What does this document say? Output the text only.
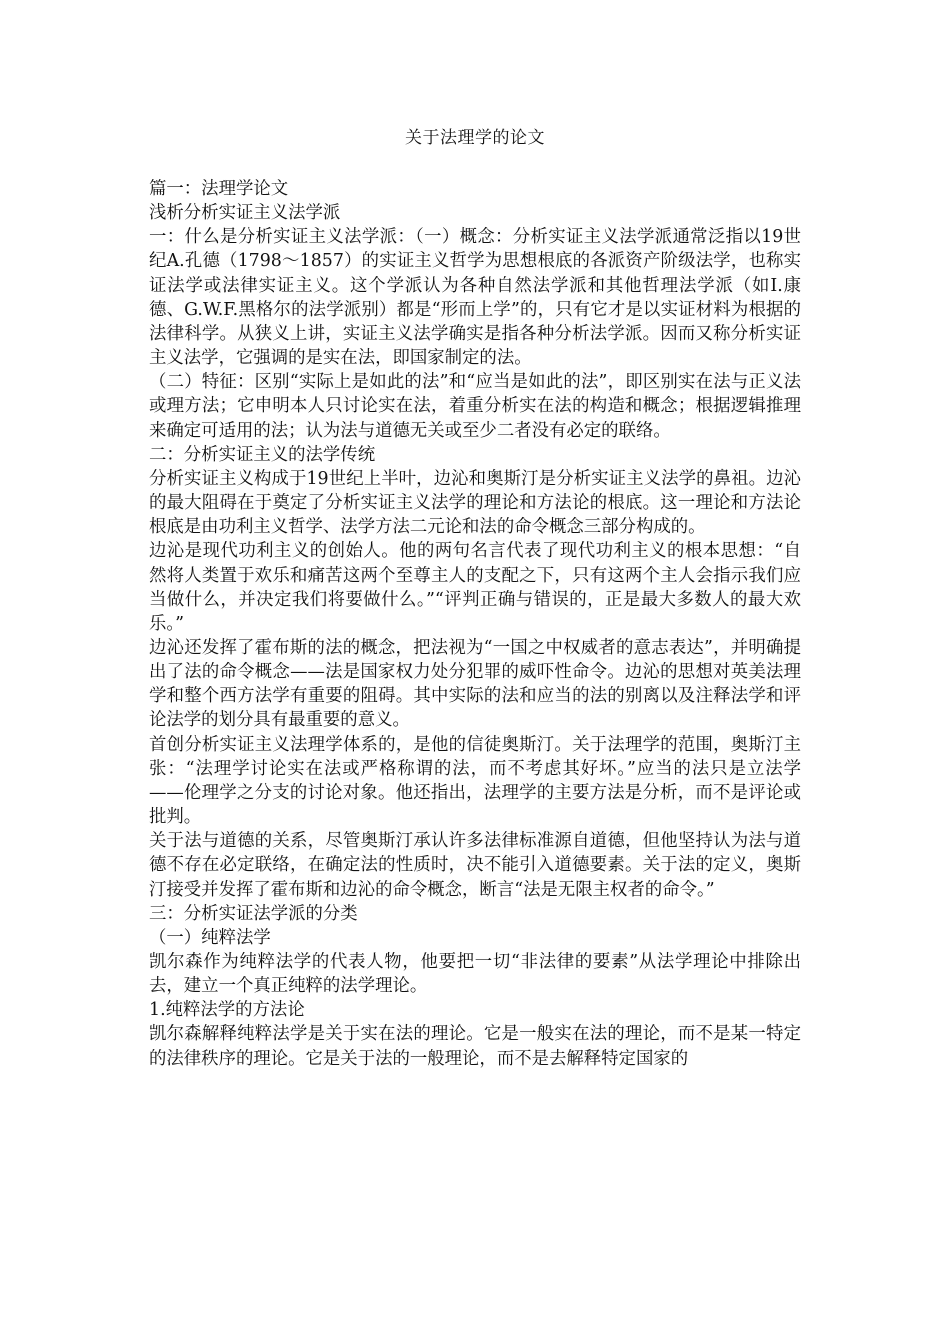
关于法理学的论文

篇一：法理学论文

浅析分析实证主义法学派

一：什么是分析实证主义法学派：（一）概念：分析实证主义法学派通常泛指以19世纪A.孔德（1798～1857）的实证主义哲学为思想根底的各派资产阶级法学，也称实证法学或法律实证主义。这个学派认为各种自然法学派和其他哲理法学派（如I.康德、G.W.F.黑格尔的法学派别）都是“形而上学”的，只有它才是以实证材料为根据的法律科学。从狭义上讲，实证主义法学确实是指各种分析法学派。因而又称分析实证主义法学，它强调的是实在法，即国家制定的法。

（二）特征：区别“实际上是如此的法”和“应当是如此的法”，即区别实在法与正义法或理方法；它申明本人只讨论实在法，着重分析实在法的构造和概念；根据逻辑推理来确定可适用的法；认为法与道德无关或至少二者没有必定的联络。

二：分析实证主义的法学传统

分析实证主义构成于19世纪上半叶，边沁和奥斯汀是分析实证主义法学的鼻祖。边沁的最大阻碍在于奠定了分析实证主义法学的理论和方法论的根底。这一理论和方法论根底是由功利主义哲学、法学方法二元论和法的命令概念三部分构成的。

边沁是现代功利主义的创始人。他的两句名言代表了现代功利主义的根本思想：“自然将人类置于欢乐和痛苦这两个至尊主人的支配之下，只有这两个主人会指示我们应当做什么，并决定我们将要做什么。”“评判正确与错误的，正是最大多数人的最大欢乐。”

边沁还发挥了霍布斯的法的概念，把法视为“一国之中权威者的意志表达”，并明确提出了法的命令概念——法是国家权力处分犯罪的威吓性命令。边沁的思想对英美法理学和整个西方法学有重要的阻碍。其中实际的法和应当的法的别离以及注释法学和评论法学的划分具有最重要的意义。

首创分析实证主义法理学体系的，是他的信徒奥斯汀。关于法理学的范围，奥斯汀主张：“法理学讨论实在法或严格称谓的法，而不考虑其好坏。”应当的法只是立法学——伦理学之分支的讨论对象。他还指出，法理学的主要方法是分析，而不是评论或批判。

关于法与道德的关系，尽管奥斯汀承认许多法律标准源自道德，但他坚持认为法与道德不存在必定联络，在确定法的性质时，决不能引入道德要素。关于法的定义，奥斯汀接受并发挥了霍布斯和边沁的命令概念，断言“法是无限主权者的命令。”

三：分析实证法学派的分类

（一）纯粹法学

凯尔森作为纯粹法学的代表人物，他要把一切“非法律的要素”从法学理论中排除出去，建立一个真正纯粹的法学理论。

1.纯粹法学的方法论

凯尔森解释纯粹法学是关于实在法的理论。它是一般实在法的理论，而不是某一特定的法律秩序的理论。它是关于法的一般理论，而不是去解释特定国家的
